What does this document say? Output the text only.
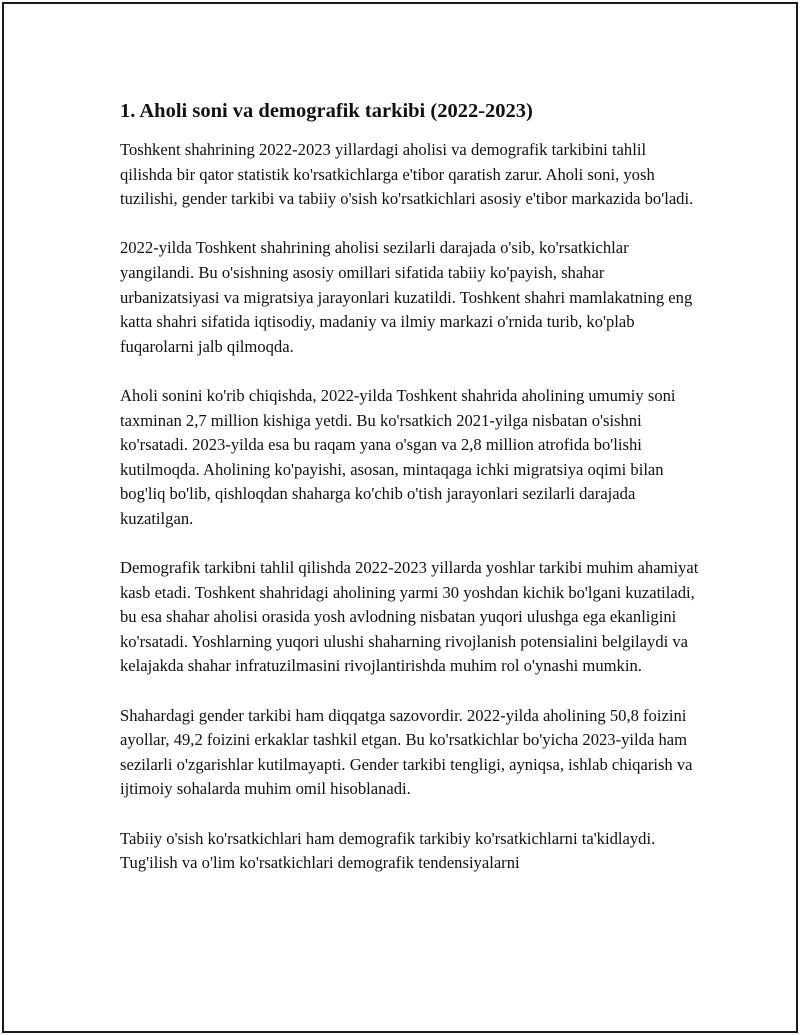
1. Aholi soni va demografik tarkibi (2022-2023)

Toshkent shahrining 2022-2023 yillardagi aholisi va demografik tarkibini tahlil qilishda bir qator statistik ko'rsatkichlarga e'tibor qaratish zarur. Aholi soni, yosh tuzilishi, gender tarkibi va tabiiy o'sish ko'rsatkichlari asosiy e'tibor markazida bo'ladi.

2022-yilda Toshkent shahrining aholisi sezilarli darajada o'sib, ko'rsatkichlar yangilandi. Bu o'sishning asosiy omillari sifatida tabiiy ko'payish, shahar urbanizatsiyasi va migratsiya jarayonlari kuzatildi. Toshkent shahri mamlakatning eng katta shahri sifatida iqtisodiy, madaniy va ilmiy markazi o'rnida turib, ko'plab fuqarolarni jalb qilmoqda.

Aholi sonini ko'rib chiqishda, 2022-yilda Toshkent shahrida aholining umumiy soni taxminan 2,7 million kishiga yetdi. Bu ko'rsatkich 2021-yilga nisbatan o'sishni ko'rsatadi. 2023-yilda esa bu raqam yana o'sgan va 2,8 million atrofida bo'lishi kutilmoqda. Aholining ko'payishi, asosan, mintaqaga ichki migratsiya oqimi bilan bog'liq bo'lib, qishloqdan shaharga ko'chib o'tish jarayonlari sezilarli darajada kuzatilgan.

Demografik tarkibni tahlil qilishda 2022-2023 yillarda yoshlar tarkibi muhim ahamiyat kasb etadi. Toshkent shahridagi aholining yarmi 30 yoshdan kichik bo'lgani kuzatiladi, bu esa shahar aholisi orasida yosh avlodning nisbatan yuqori ulushga ega ekanligini ko'rsatadi. Yoshlarning yuqori ulushi shaharning rivojlanish potensialini belgilaydi va kelajakda shahar infratuzilmasini rivojlantirishda muhim rol o'ynashi mumkin.

Shahardagi gender tarkibi ham diqqatga sazovordir. 2022-yilda aholining 50,8 foizini ayollar, 49,2 foizini erkaklar tashkil etgan. Bu ko'rsatkichlar bo'yicha 2023-yilda ham sezilarli o'zgarishlar kutilmayapti. Gender tarkibi tengligi, ayniqsa, ishlab chiqarish va ijtimoiy sohalarda muhim omil hisoblanadi.

Tabiiy o'sish ko'rsatkichlari ham demografik tarkibiy ko'rsatkichlarni ta'kidlaydi. Tug'ilish va o'lim ko'rsatkichlari demografik tendensiyalarni
